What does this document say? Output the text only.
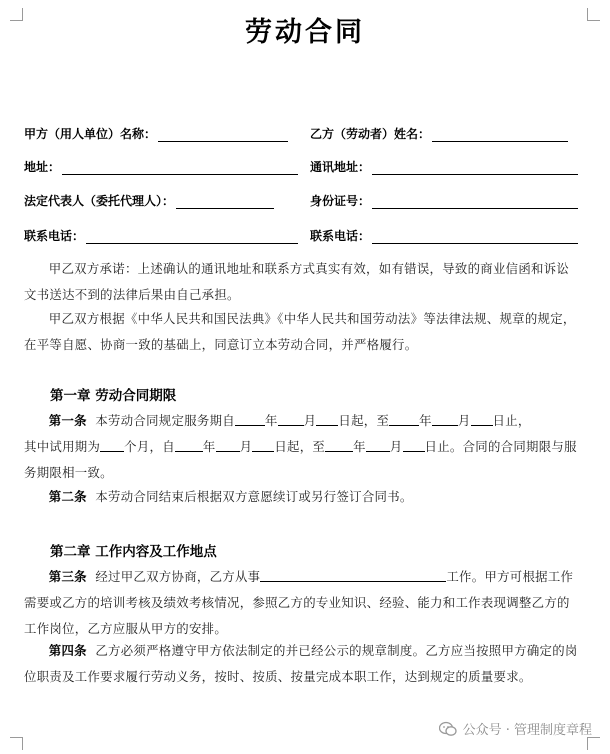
劳动合同
甲方（用人单位）名称：	乙方（劳动者）姓名：
地址：	通讯地址：
法定代表人（委托代理人）：	身份证号：
联系电话：	联系电话：

甲乙双方承诺：上述确认的通讯地址和联系方式真实有效，如有错误，导致的商业信函和诉讼文书送达不到的法律后果由自己承担。

甲乙双方根据《中华人民共和国民法典》《中华人民共和国劳动法》等法律法规、规章的规定，在平等自愿、协商一致的基础上，同意订立本劳动合同，并严格履行。

第一章 劳动合同期限

第一条 本劳动合同规定服务期自 年 月 日起，至 年 月 日止，
其中试用期为 个月，自 年 月 日起，至 年 月 日止。合同的合同期限与服务期限相一致。

第二条 本劳动合同结束后根据双方意愿续订或另行签订合同书。

第二章 工作内容及工作地点

第三条 经过甲乙双方协商，乙方从事	工作。甲方可根据工作需要或乙方的培训考核及绩效考核情况，参照乙方的专业知识、经验、能力和工作表现调整乙方的工作岗位，乙方应服从甲方的安排。

第四条 乙方必须严格遵守甲方依法制定的并已经公示的规章制度。乙方应当按照甲方确定的岗位职责及工作要求履行劳动义务，按时、按质、按量完成本职工作，达到规定的质量要求。

公众号 · 管理制度章程
